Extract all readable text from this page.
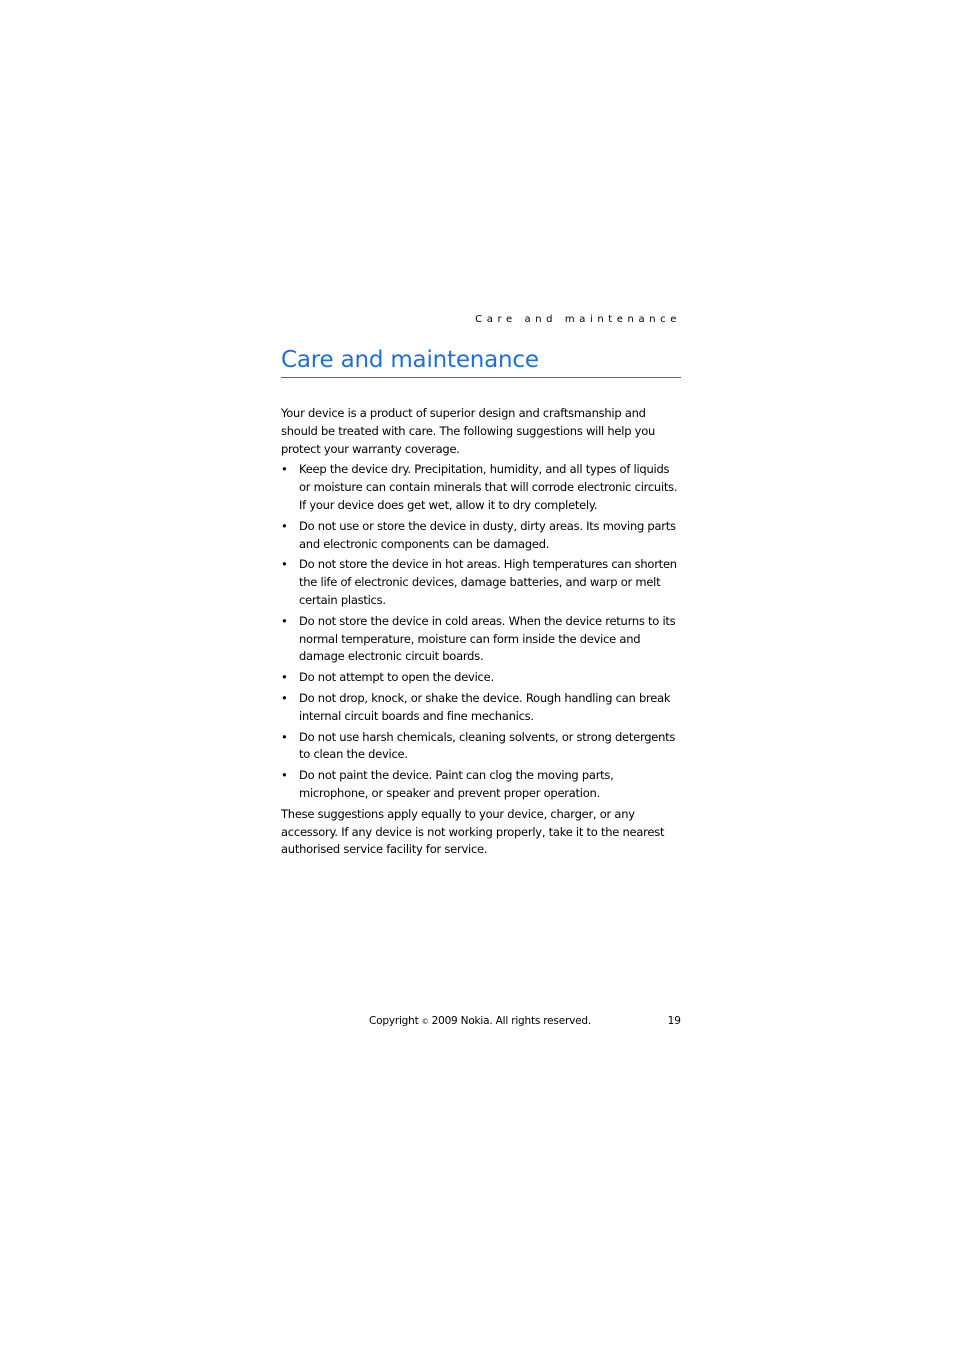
Care and maintenance
Care and maintenance

Your device is a product of superior design and craftsmanship and should be treated with care. The following suggestions will help you protect your warranty coverage.

• Keep the device dry. Precipitation, humidity, and all types of liquids or moisture can contain minerals that will corrode electronic circuits. If your device does get wet, allow it to dry completely.
• Do not use or store the device in dusty, dirty areas. Its moving parts and electronic components can be damaged.
• Do not store the device in hot areas. High temperatures can shorten the life of electronic devices, damage batteries, and warp or melt certain plastics.
• Do not store the device in cold areas. When the device returns to its normal temperature, moisture can form inside the device and damage electronic circuit boards.
• Do not attempt to open the device.
• Do not drop, knock, or shake the device. Rough handling can break internal circuit boards and fine mechanics.
• Do not use harsh chemicals, cleaning solvents, or strong detergents to clean the device.
• Do not paint the device. Paint can clog the moving parts, microphone, or speaker and prevent proper operation.

These suggestions apply equally to your device, charger, or any accessory. If any device is not working properly, take it to the nearest authorised service facility for service.

Copyright © 2009 Nokia. All rights reserved.	19
